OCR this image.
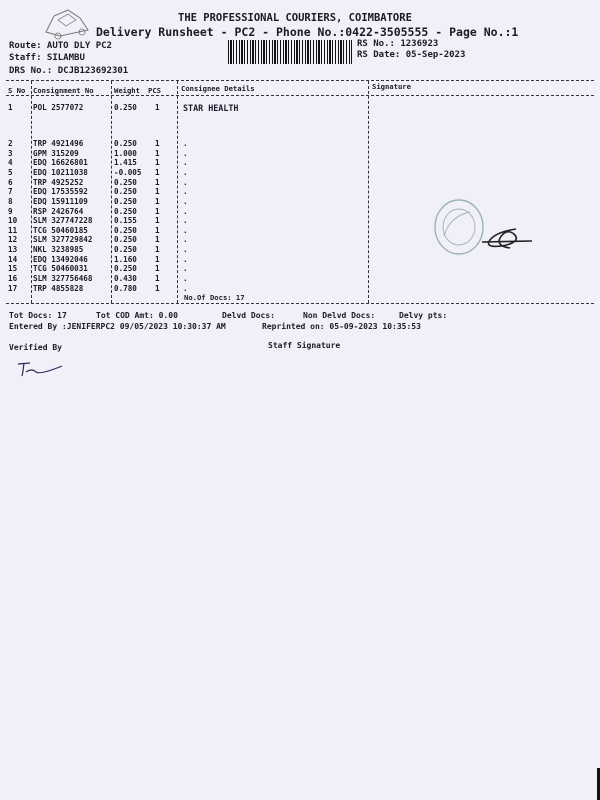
THE PROFESSIONAL COURIERS, COIMBATORE
Delivery Runsheet - PC2 - Phone No.:0422-3505555 - Page No.:1
Route: AUTO DLY PC2
Staff: SILAMBU
DRS No.: DCJB123692301
RS No.: 1236923
RS Date: 05-Sep-2023
S No Consignment No	Weight PCS	Consignee Details	Signature
1	POL 2577072	0.250 1	STAR HEALTH
2	TRP 4921496	0.250 1	.
3	GPM 315209	1.000 1	.
4	EDQ 16626801	1.415 1	.
5	EDQ 10211038	-0.005 1	.
6	TRP 4925252	0.250 1	.
7	EDQ 17535592	0.250 1	.
8	EDQ 15911109	0.250 1	.
9	RSP 2426764	0.250 1	.
10 SLM 327747228	0.155 1	.
11 TCG 50460185	0.250 1	.
12 SLM 327729842	0.250 1	.
13 NKL 3238985	0.250 1	.
14 EDQ 13492046	1.160 1	.
15 TCG 50460031	0.250 1	.
16 SLM 327756468	0.430 1	.
17 TRP 4855828	0.780 1	.
No.Of Docs: 17
Tot Docs: 17	Tot COD Amt: 0.00	Delvd Docs:	Non Delvd Docs:	Delvy pts:
Entered By :JENIFERPC2 09/05/2023 10:30:37 AM	Reprinted on: 05-09-2023 10:35:53
Verified By	Staff Signature
